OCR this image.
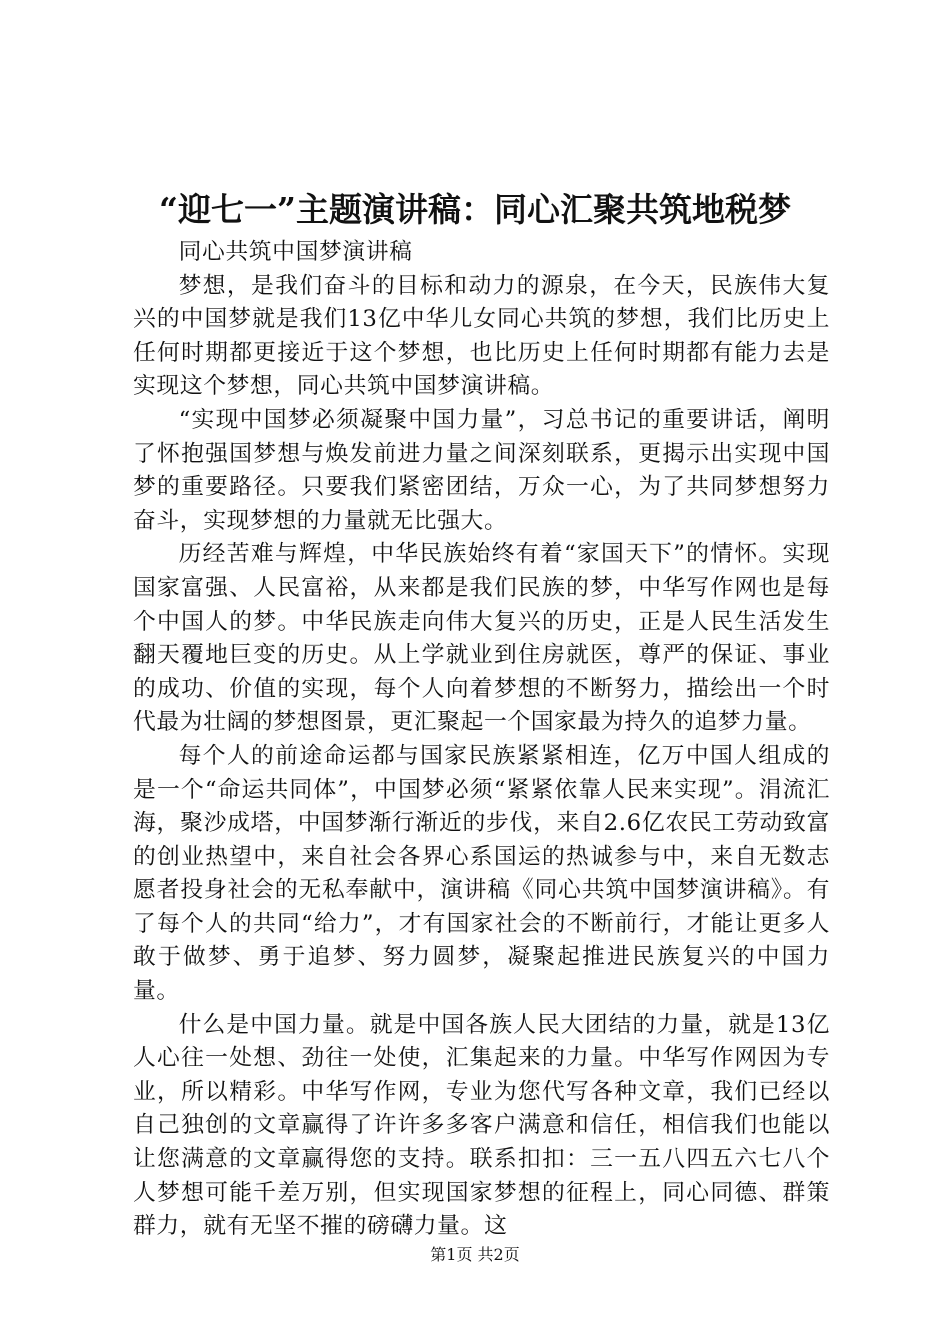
“迎七一”主题演讲稿：同心汇聚共筑地税梦

同心共筑中国梦演讲稿

梦想，是我们奋斗的目标和动力的源泉，在今天，民族伟大复兴的中国梦就是我们13亿中华儿女同心共筑的梦想，我们比历史上任何时期都更接近于这个梦想，也比历史上任何时期都有能力去是实现这个梦想，同心共筑中国梦演讲稿。

“实现中国梦必须凝聚中国力量”，习总书记的重要讲话，阐明了怀抱强国梦想与焕发前进力量之间深刻联系，更揭示出实现中国梦的重要路径。只要我们紧密团结，万众一心，为了共同梦想努力奋斗，实现梦想的力量就无比强大。

历经苦难与辉煌，中华民族始终有着“家国天下”的情怀。实现国家富强、人民富裕，从来都是我们民族的梦，中华写作网也是每个中国人的梦。中华民族走向伟大复兴的历史，正是人民生活发生翻天覆地巨变的历史。从上学就业到住房就医，尊严的保证、事业的成功、价值的实现，每个人向着梦想的不断努力，描绘出一个时代最为壮阔的梦想图景，更汇聚起一个国家最为持久的追梦力量。

每个人的前途命运都与国家民族紧紧相连，亿万中国人组成的是一个“命运共同体”，中国梦必须“紧紧依靠人民来实现”。涓流汇海，聚沙成塔，中国梦渐行渐近的步伐，来自2.6亿农民工劳动致富的创业热望中，来自社会各界心系国运的热诚参与中，来自无数志愿者投身社会的无私奉献中，演讲稿《同心共筑中国梦演讲稿》。有了每个人的共同“给力”，才有国家社会的不断前行，才能让更多人敢于做梦、勇于追梦、努力圆梦，凝聚起推进民族复兴的中国力量。

什么是中国力量。就是中国各族人民大团结的力量，就是13亿人心往一处想、劲往一处使，汇集起来的力量。中华写作网因为专业，所以精彩。中华写作网，专业为您代写各种文章，我们已经以自己独创的文章赢得了许许多多客户满意和信任，相信我们也能以让您满意的文章赢得您的支持。联系扣扣：三一五八四五六七八个人梦想可能千差万别，但实现国家梦想的征程上，同心同德、群策群力，就有无坚不摧的磅礴力量。这

第1页 共2页
